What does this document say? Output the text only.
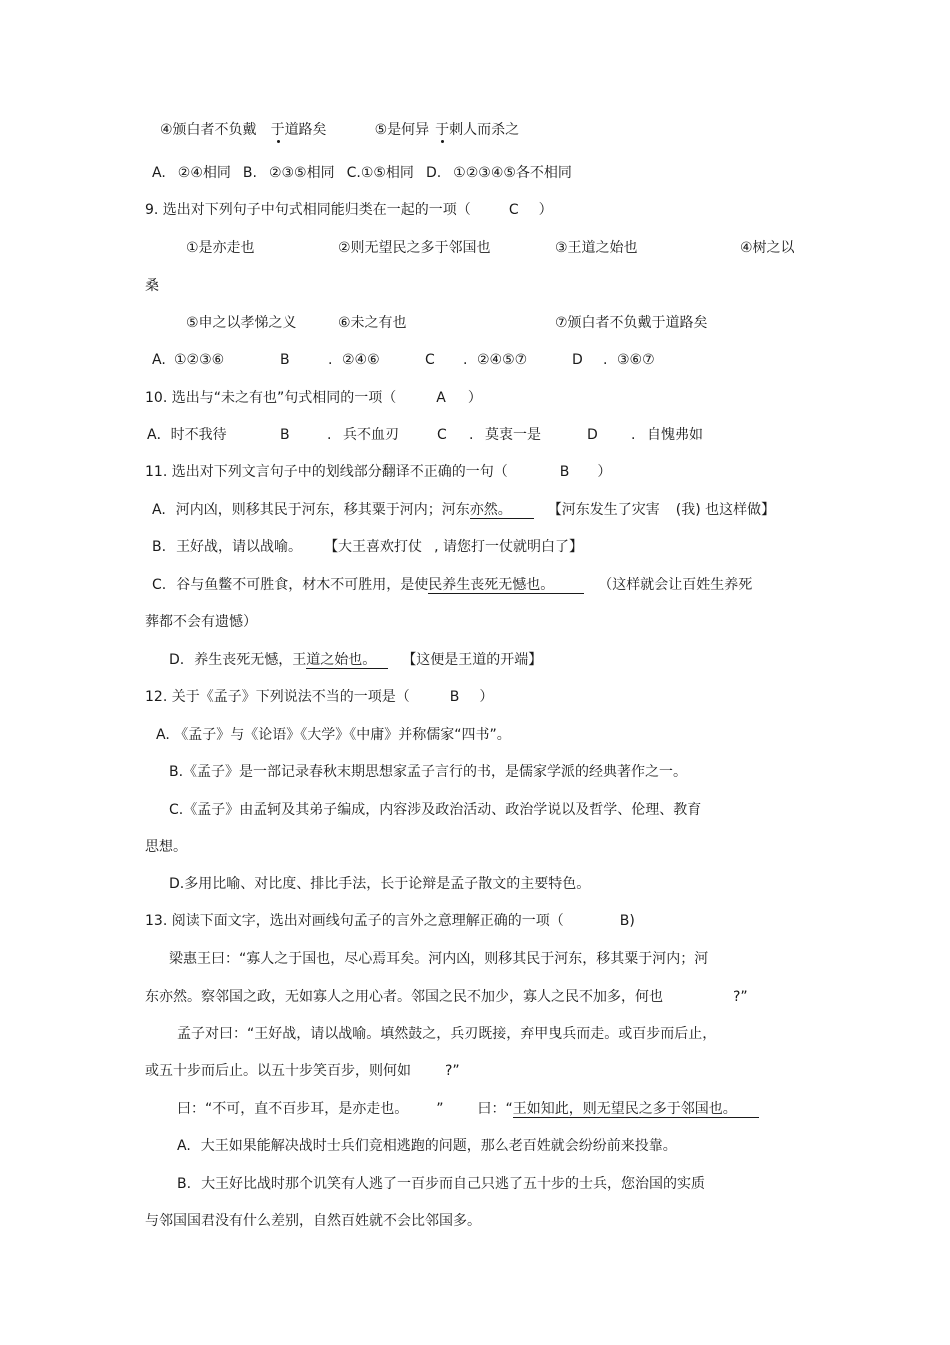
④颁白者不负戴 于道路矣	⑤是何异 于刺人而杀之
A. ②④相同 B. ②③⑤相同 C.①⑤相同 D. ①②③④⑤各不相同
9. 选出对下列句子中句式相同能归类在一起的一项（	C ）
①是亦走也	②则无望民之多于邻国也	③王道之始也	④树之以
桑
⑤申之以孝悌之义	⑥未之有也	⑦颁白者不负戴于道路矣
A. ①②③⑥	B	. ②④⑥	C . ②④⑤⑦	D . ③⑥⑦
10. 选出与“未之有也”句式相同的一项（	A ）
A．时不我待	B	. 兵不血刃	C . 莫衷一是	D . 自愧弗如
11. 选出对下列文言句子中的划线部分翻译不正确的一句（	B ）
A. 河内凶，则移其民于河东，移其粟于河内；河东亦然。	【河东发生了灾害 (我) 也这样做】
B. 王好战，请以战喻。 【大王喜欢打仗 , 请您打一仗就明白了】
C. 谷与鱼鳖不可胜食，材木不可胜用，是使民养生丧死无憾也。	（这样就会让百姓生养死
葬都不会有遗憾）
D. 养生丧死无憾，王道之始也。 【这便是王道的开端】
12. 关于《孟子》下列说法不当的一项是（	B ）
A. 《孟子》与《论语》《大学》《中庸》并称儒家“四书”。
B.《孟子》是一部记录春秋末期思想家孟子言行的书，是儒家学派的经典著作之一。
C.《孟子》由孟轲及其弟子编成，内容涉及政治活动、政治学说以及哲学、伦理、教育
思想。
D.多用比喻、对比度、排比手法，长于论辩是孟子散文的主要特色。
13. 阅读下面文字，选出对画线句孟子的言外之意理解正确的一项（	B)
梁惠王曰：“寡人之于国也，尽心焉耳矣。河内凶，则移其民于河东，移其粟于河内；河
东亦然。察邻国之政，无如寡人之用心者。邻国之民不加少，寡人之民不加多，何也	?”
孟子对曰：“王好战，请以战喻。填然鼓之，兵刃既接，弃甲曳兵而走。或百步而后止，
或五十步而后止。以五十步笑百步，则何如 ?”
曰：“不可，直不百步耳，是亦走也。 ” 曰：“王如知此，则无望民之多于邻国也。
A. 大王如果能解决战时士兵们竞相逃跑的问题，那么老百姓就会纷纷前来投靠。
B. 大王好比战时那个讥笑有人逃了一百步而自己只逃了五十步的士兵，您治国的实质
与邻国国君没有什么差别，自然百姓就不会比邻国多。
